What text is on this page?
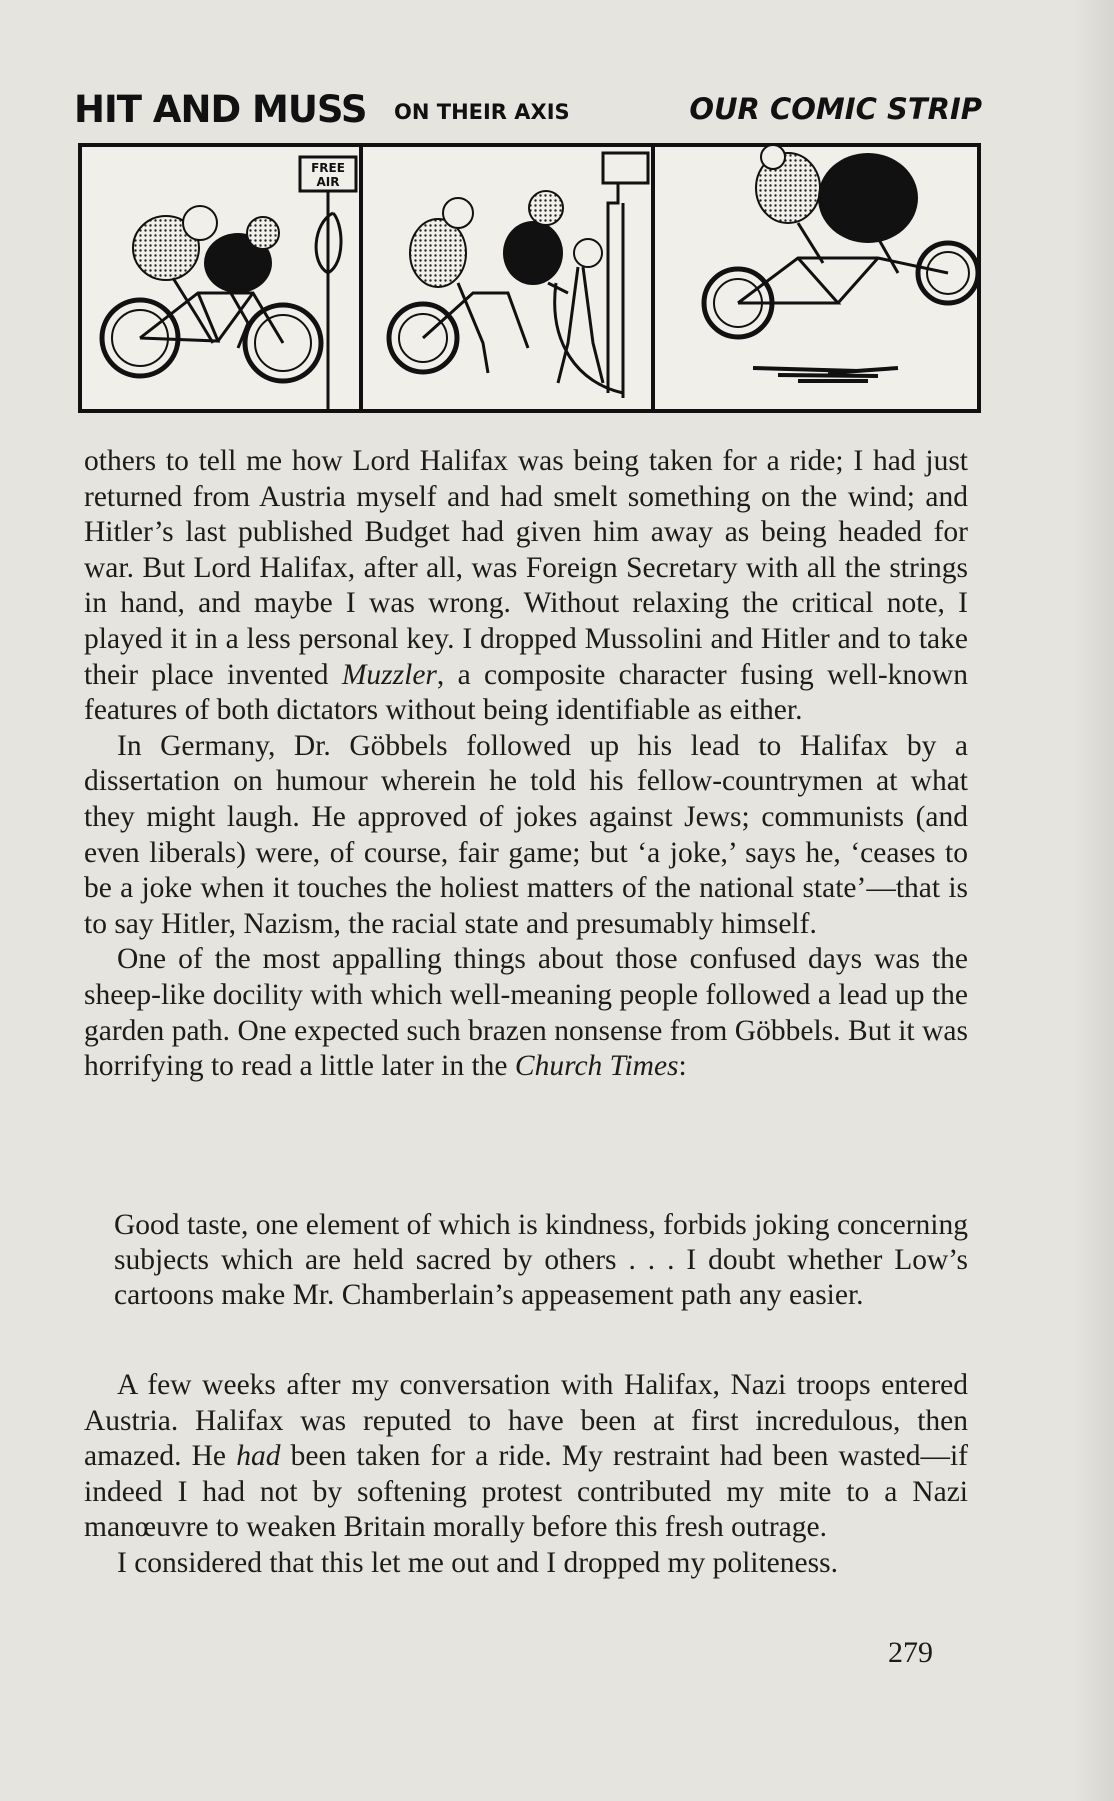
HIT AND MUSS ON THEIR AXIS	OUR COMIC STRIP
FREE
AIR

others to tell me how Lord Halifax was being taken for a ride; I had just returned from Austria myself and had smelt something on the wind; and Hitler’s last published Budget had given him away as being headed for war. But Lord Halifax, after all, was Foreign Secretary with all the strings in hand, and maybe I was wrong. Without relaxing the critical note, I played it in a less personal key. I dropped Mussolini and Hitler and to take their place invented Muzzler, a composite character fusing well-known features of both dictators without being identifiable as either.

In Germany, Dr. Göbbels followed up his lead to Halifax by a dissertation on humour wherein he told his fellow-countrymen at what they might laugh. He approved of jokes against Jews; communists (and even liberals) were, of course, fair game; but ‘a joke,’ says he, ‘ceases to be a joke when it touches the holiest matters of the national state’—that is to say Hitler, Nazism, the racial state and presumably himself.

One of the most appalling things about those confused days was the sheep-like docility with which well-meaning people followed a lead up the garden path. One expected such brazen nonsense from Göbbels. But it was horrifying to read a little later in the Church Times:

Good taste, one element of which is kindness, forbids joking concerning subjects which are held sacred by others . . . I doubt whether Low’s cartoons make Mr. Chamberlain’s appeasement path any easier.

A few weeks after my conversation with Halifax, Nazi troops entered Austria. Halifax was reputed to have been at first incredulous, then amazed. He had been taken for a ride. My restraint had been wasted—if indeed I had not by softening protest contributed my mite to a Nazi manœuvre to weaken Britain morally before this fresh outrage.

I considered that this let me out and I dropped my politeness.

279
